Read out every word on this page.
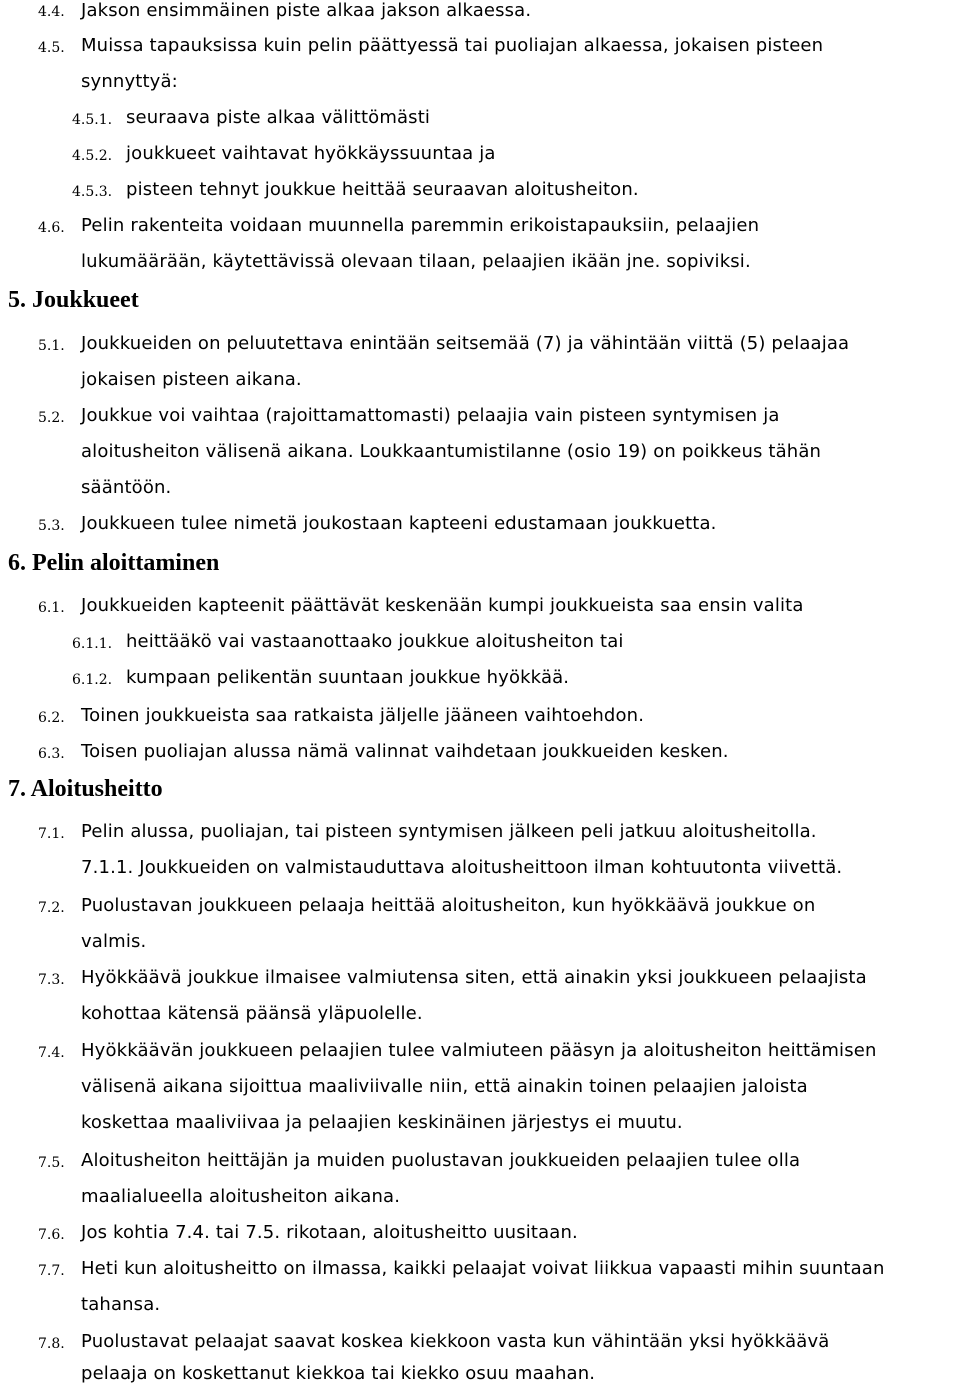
4.4. Jakson ensimmäinen piste alkaa jakson alkaessa.
4.5. Muissa tapauksissa kuin pelin päättyessä tai puoliajan alkaessa, jokaisen pisteen
synnyttyä:
4.5.1. seuraava piste alkaa välittömästi
4.5.2. joukkueet vaihtavat hyökkäyssuuntaa ja
4.5.3. pisteen tehnyt joukkue heittää seuraavan aloitusheiton.
4.6. Pelin rakenteita voidaan muunnella paremmin erikoistapauksiin, pelaajien
lukumäärään, käytettävissä olevaan tilaan, pelaajien ikään jne. sopiviksi.
5. Joukkueet
5.1. Joukkueiden on peluutettava enintään seitsemää (7) ja vähintään viittä (5) pelaajaa
jokaisen pisteen aikana.
5.2. Joukkue voi vaihtaa (rajoittamattomasti) pelaajia vain pisteen syntymisen ja
aloitusheiton välisenä aikana. Loukkaantumistilanne (osio 19) on poikkeus tähän
sääntöön.
5.3. Joukkueen tulee nimetä joukostaan kapteeni edustamaan joukkuetta.
6. Pelin aloittaminen
6.1. Joukkueiden kapteenit päättävät keskenään kumpi joukkueista saa ensin valita
6.1.1. heittääkö vai vastaanottaako joukkue aloitusheiton tai
6.1.2. kumpaan pelikentän suuntaan joukkue hyökkää.
6.2. Toinen joukkueista saa ratkaista jäljelle jääneen vaihtoehdon.
6.3. Toisen puoliajan alussa nämä valinnat vaihdetaan joukkueiden kesken.
7. Aloitusheitto
7.1. Pelin alussa, puoliajan, tai pisteen syntymisen jälkeen peli jatkuu aloitusheitolla.
7.1.1. Joukkueiden on valmistauduttava aloitusheittoon ilman kohtuutonta viivettä.
7.2. Puolustavan joukkueen pelaaja heittää aloitusheiton, kun hyökkäävä joukkue on
valmis.
7.3. Hyökkäävä joukkue ilmaisee valmiutensa siten, että ainakin yksi joukkueen pelaajista
kohottaa kätensä päänsä yläpuolelle.
7.4. Hyökkäävän joukkueen pelaajien tulee valmiuteen pääsyn ja aloitusheiton heittämisen
välisenä aikana sijoittua maaliviivalle niin, että ainakin toinen pelaajien jaloista
koskettaa maaliviivaa ja pelaajien keskinäinen järjestys ei muutu.
7.5. Aloitusheiton heittäjän ja muiden puolustavan joukkueiden pelaajien tulee olla
maalialueella aloitusheiton aikana.
7.6. Jos kohtia 7.4. tai 7.5. rikotaan, aloitusheitto uusitaan.
7.7. Heti kun aloitusheitto on ilmassa, kaikki pelaajat voivat liikkua vapaasti mihin suuntaan
tahansa.
7.8. Puolustavat pelaajat saavat koskea kiekkoon vasta kun vähintään yksi hyökkäävä
pelaaja on koskettanut kiekkoa tai kiekko osuu maahan.
